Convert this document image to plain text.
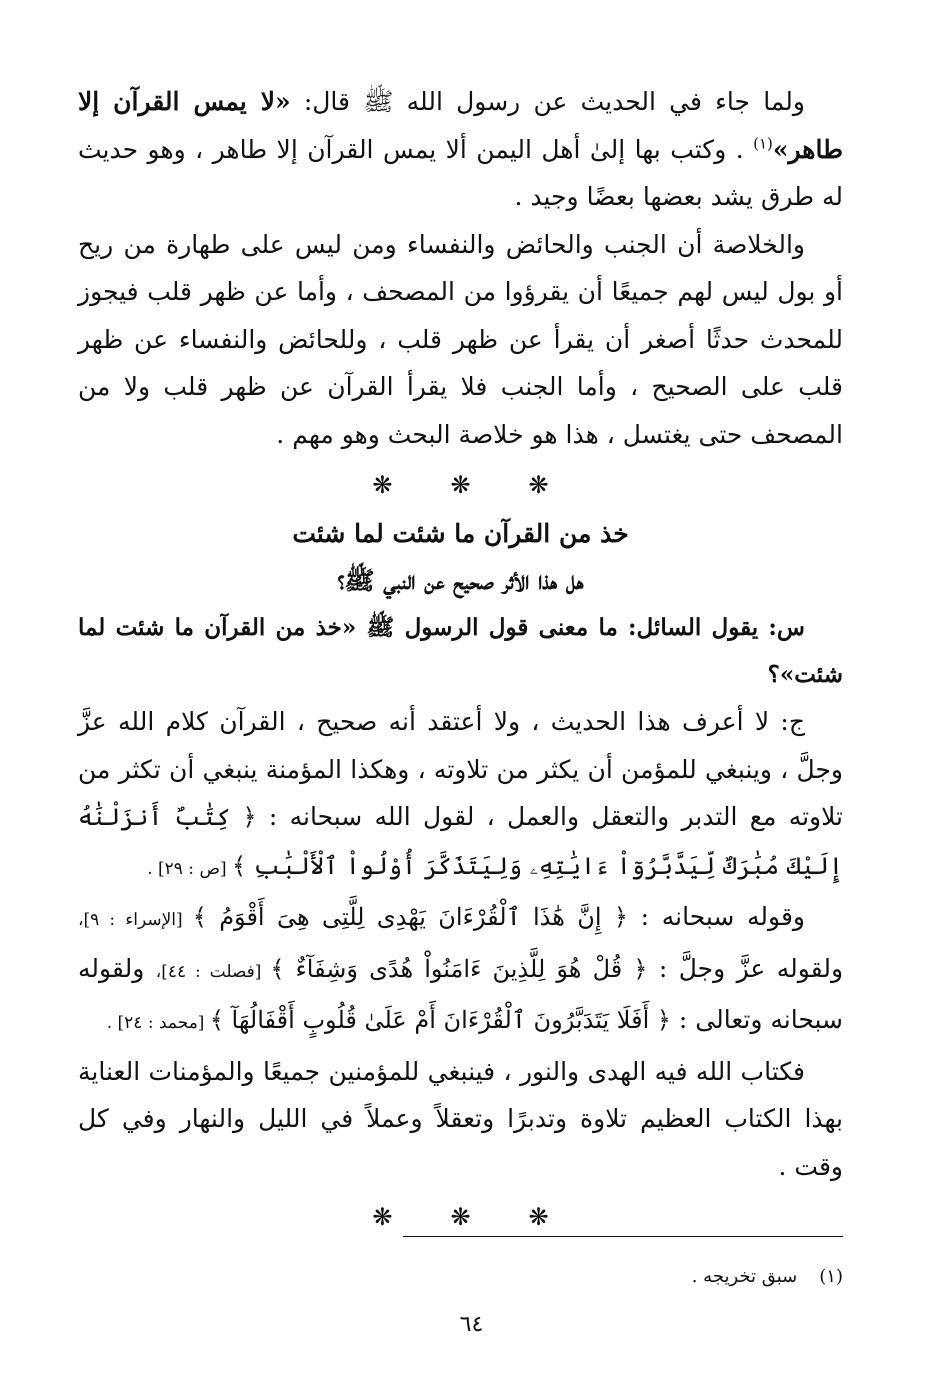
ولما جاء في الحديث عن رسول الله ﷺ قال: «لا يمس القرآن إلا طاهر»$^{(١)}$ . وكتب بها إلىٰ أهل اليمن ألا يمس القرآن إلا طاهر ، وهو حديث له طرق يشد بعضها بعضًا وجيد .

والخلاصة أن الجنب والحائض والنفساء ومن ليس على طهارة من ريح أو بول ليس لهم جميعًا أن يقرؤوا من المصحف ، وأما عن ظهر قلب فيجوز للمحدث حدثًا أصغر أن يقرأ عن ظهر قلب ، وللحائض والنفساء عن ظهر قلب على الصحيح ، وأما الجنب فلا يقرأ القرآن عن ظهر قلب ولا من المصحف حتى يغتسل ، هذا هو خلاصة البحث وهو مهم .

❋ ❋ ❋
خذ من القرآن ما شئت لما شئت
هل هذا الأثر صحيح عن النبي ﷺ؟

س: يقول السائل: ما معنى قول الرسول ﷺ «خذ من القرآن ما شئت لما شئت»؟

ج: لا أعرف هذا الحديث ، ولا أعتقد أنه صحيح ، القرآن كلام الله عزَّ وجلَّ ، وينبغي للمؤمن أن يكثر من تلاوته ، وهكذا المؤمنة ينبغي أن تكثر من تلاوته مع التدبر والتعقل والعمل ، لقول الله سبحانه : ﴿ كِتَٰبٌ أَنزَلْنَٰهُ إِلَيْكَ مُبَٰرَكٌ لِّيَدَّبَّرُوٓاْ ءَايَٰتِهِۦ وَلِيَتَذَكَّرَ أُوْلُواْ ٱلْأَلْبَٰبِ ﴾ [ص : ٢٩] .

وقوله سبحانه : ﴿ إِنَّ هَٰذَا ٱلْقُرْءَانَ يَهْدِى لِلَّتِى هِىَ أَقْوَمُ ﴾ [الإسراء : ٩]، ولقوله عزَّ وجلَّ : ﴿ قُلْ هُوَ لِلَّذِينَ ءَامَنُواْ هُدًى وَشِفَآءٌ ﴾ [فصلت : ٤٤]، ولقوله سبحانه وتعالى : ﴿ أَفَلَا يَتَدَبَّرُونَ ٱلْقُرْءَانَ أَمْ عَلَىٰ قُلُوبٍ أَقْفَالُهَآ ﴾ [محمد : ٢٤] .

فكتاب الله فيه الهدى والنور ، فينبغي للمؤمنين جميعًا والمؤمنات العناية بهذا الكتاب العظيم تلاوة وتدبرًا وتعقلاً وعملاً في الليل والنهار وفي كل وقت .

❋ ❋ ❋
(١)سبق تخريجه .
٦٤
